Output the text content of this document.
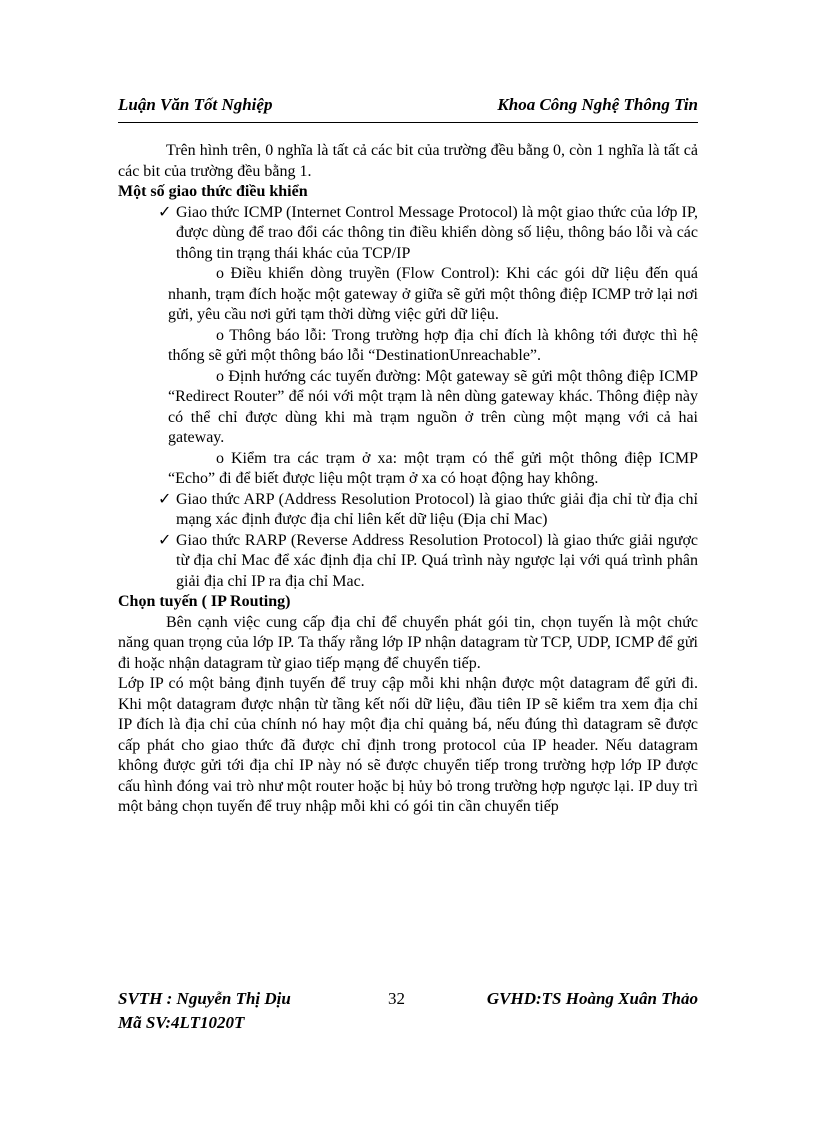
Luận Văn Tốt Nghiệp	Khoa Công Nghệ Thông Tin

Trên hình trên, 0 nghĩa là tất cả các bit của trường đều bằng 0, còn 1 nghĩa là tất cả các bit của trường đều bằng 1.

Một số giao thức điều khiển

✓ Giao thức ICMP (Internet Control Message Protocol) là một giao thức của lớp IP, được dùng để trao đổi các thông tin điều khiển dòng số liệu, thông báo lỗi và các thông tin trạng thái khác của TCP/IP

o Điều khiển dòng truyền (Flow Control): Khi các gói dữ liệu đến quá nhanh, trạm đích hoặc một gateway ở giữa sẽ gửi một thông điệp ICMP trở lại nơi gửi, yêu cầu nơi gửi tạm thời dừng việc gửi dữ liệu.

o Thông báo lỗi: Trong trường hợp địa chỉ đích là không tới được thì hệ thống sẽ gửi một thông báo lỗi “DestinationUnreachable”.

o Định hướng các tuyến đường: Một gateway sẽ gửi một thông điệp ICMP “Redirect Router” để nói với một trạm là nên dùng gateway khác. Thông điệp này có thể chỉ được dùng khi mà trạm nguồn ở trên cùng một mạng với cả hai gateway.

o Kiểm tra các trạm ở xa: một trạm có thể gửi một thông điệp ICMP “Echo” đi để biết được liệu một trạm ở xa có hoạt động hay không.

✓ Giao thức ARP (Address Resolution Protocol) là giao thức giải địa chỉ từ địa chỉ mạng xác định được địa chỉ liên kết dữ liệu (Địa chỉ Mac)

✓ Giao thức RARP (Reverse Address Resolution Protocol) là giao thức giải ngược từ địa chỉ Mac để xác định địa chỉ IP. Quá trình này ngược lại với quá trình phân giải địa chỉ IP ra địa chỉ Mac.

Chọn tuyến ( IP Routing)

Bên cạnh việc cung cấp địa chỉ để chuyển phát gói tin, chọn tuyến là một chức năng quan trọng của lớp IP. Ta thấy rằng lớp IP nhận datagram từ TCP, UDP, ICMP để gửi đi hoặc nhận datagram từ giao tiếp mạng để chuyển tiếp.

Lớp IP có một bảng định tuyến để truy cập mỗi khi nhận được một datagram để gửi đi. Khi một datagram được nhận từ tầng kết nối dữ liệu, đầu tiên IP sẽ kiểm tra xem địa chỉ IP đích là địa chỉ của chính nó hay một địa chỉ quảng bá, nếu đúng thì datagram sẽ được cấp phát cho giao thức đã được chỉ định trong protocol của IP header. Nếu datagram không được gửi tới địa chỉ IP này nó sẽ được chuyển tiếp trong trường hợp lớp IP được cấu hình đóng vai trò như một router hoặc bị hủy bỏ trong trường hợp ngược lại. IP duy trì một bảng chọn tuyến để truy nhập mỗi khi có gói tin cần chuyển tiếp

SVTH : Nguyễn Thị Dịu	32	GVHD:TS Hoàng Xuân Thảo
Mã SV:4LT1020T
